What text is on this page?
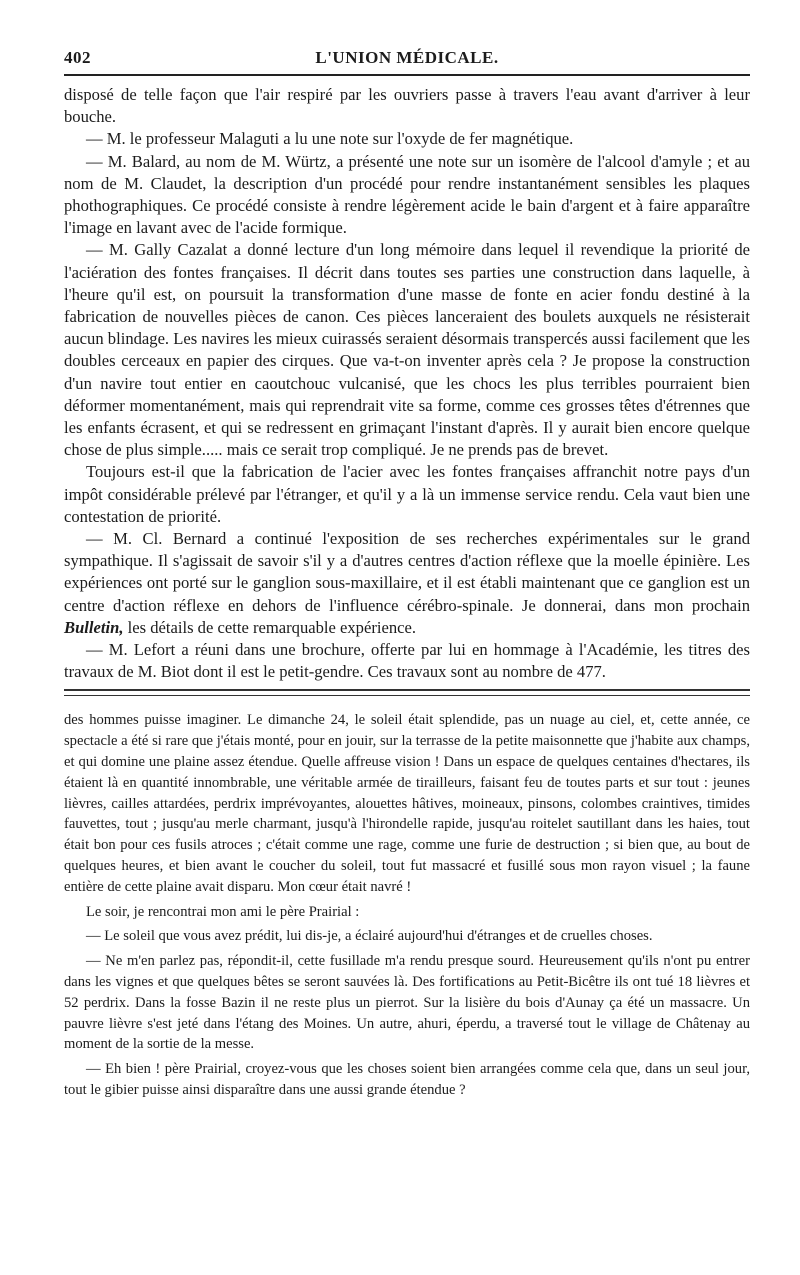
402	L'UNION MÉDICALE.

disposé de telle façon que l'air respiré par les ouvriers passe à travers l'eau avant d'arriver à leur bouche.

— M. le professeur Malaguti a lu une note sur l'oxyde de fer magnétique.

— M. Balard, au nom de M. Würtz, a présenté une note sur un isomère de l'alcool d'amyle ; et au nom de M. Claudet, la description d'un procédé pour rendre instantanément sensibles les plaques phothographiques. Ce procédé consiste à rendre légèrement acide le bain d'argent et à faire apparaître l'image en lavant avec de l'acide formique.

— M. Gally Cazalat a donné lecture d'un long mémoire dans lequel il revendique la priorité de l'aciération des fontes françaises. Il décrit dans toutes ses parties une construction dans laquelle, à l'heure qu'il est, on poursuit la transformation d'une masse de fonte en acier fondu destiné à la fabrication de nouvelles pièces de canon. Ces pièces lanceraient des boulets auxquels ne résisterait aucun blindage. Les navires les mieux cuirassés seraient désormais transpercés aussi facilement que les doubles cerceaux en papier des cirques. Que va-t-on inventer après cela ? Je propose la construction d'un navire tout entier en caoutchouc vulcanisé, que les chocs les plus terribles pourraient bien déformer momentanément, mais qui reprendrait vite sa forme, comme ces grosses têtes d'étrennes que les enfants écrasent, et qui se redressent en grimaçant l'instant d'après. Il y aurait bien encore quelque chose de plus simple..... mais ce serait trop compliqué. Je ne prends pas de brevet.

Toujours est-il que la fabrication de l'acier avec les fontes françaises affranchit notre pays d'un impôt considérable prélevé par l'étranger, et qu'il y a là un immense service rendu. Cela vaut bien une contestation de priorité.

— M. Cl. Bernard a continué l'exposition de ses recherches expérimentales sur le grand sympathique. Il s'agissait de savoir s'il y a d'autres centres d'action réflexe que la moelle épinière. Les expériences ont porté sur le ganglion sous-maxillaire, et il est établi maintenant que ce ganglion est un centre d'action réflexe en dehors de l'influence cérébro-spinale. Je donnerai, dans mon prochain Bulletin, les détails de cette remarquable expérience.

— M. Lefort a réuni dans une brochure, offerte par lui en hommage à l'Académie, les titres des travaux de M. Biot dont il est le petit-gendre. Ces travaux sont au nombre de 477.

des hommes puisse imaginer. Le dimanche 24, le soleil était splendide, pas un nuage au ciel, et, cette année, ce spectacle a été si rare que j'étais monté, pour en jouir, sur la terrasse de la petite maisonnette que j'habite aux champs, et qui domine une plaine assez étendue. Quelle affreuse vision ! Dans un espace de quelques centaines d'hectares, ils étaient là en quantité innombrable, une véritable armée de tirailleurs, faisant feu de toutes parts et sur tout : jeunes lièvres, cailles attardées, perdrix imprévoyantes, alouettes hâtives, moineaux, pinsons, colombes craintives, timides fauvettes, tout ; jusqu'au merle charmant, jusqu'à l'hirondelle rapide, jusqu'au roitelet sautillant dans les haies, tout était bon pour ces fusils atroces ; c'était comme une rage, comme une furie de destruction ; si bien que, au bout de quelques heures, et bien avant le coucher du soleil, tout fut massacré et fusillé sous mon rayon visuel ; la faune entière de cette plaine avait disparu. Mon cœur était navré !

Le soir, je rencontrai mon ami le père Prairial :

— Le soleil que vous avez prédit, lui dis-je, a éclairé aujourd'hui d'étranges et de cruelles choses.

— Ne m'en parlez pas, répondit-il, cette fusillade m'a rendu presque sourd. Heureusement qu'ils n'ont pu entrer dans les vignes et que quelques bêtes se seront sauvées là. Des fortifications au Petit-Bicêtre ils ont tué 18 lièvres et 52 perdrix. Dans la fosse Bazin il ne reste plus un pierrot. Sur la lisière du bois d'Aunay ça été un massacre. Un pauvre lièvre s'est jeté dans l'étang des Moines. Un autre, ahuri, éperdu, a traversé tout le village de Châtenay au moment de la sortie de la messe.

— Eh bien ! père Prairial, croyez-vous que les choses soient bien arrangées comme cela que, dans un seul jour, tout le gibier puisse ainsi disparaître dans une aussi grande étendue ?
